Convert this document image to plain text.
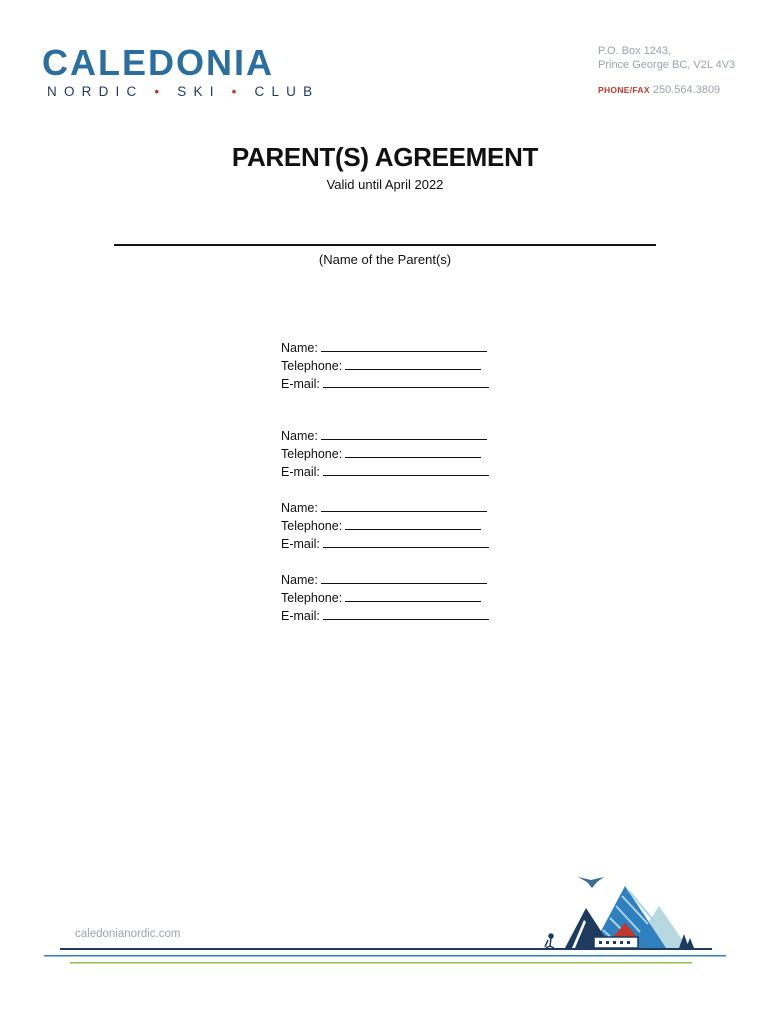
CALEDONIA
NORDIC • SKI • CLUB
P.O. Box 1243,
Prince George BC, V2L 4V3
PHONE/FAX 250.564.3809
PARENT(S) AGREEMENT
Valid until April 2022
(Name of the Parent(s)
Name:
Telephone:
E-mail:
Name:
Telephone:
E-mail:
Name:
Telephone:
E-mail:
Name:
Telephone:
E-mail:
caledonianordic.com
